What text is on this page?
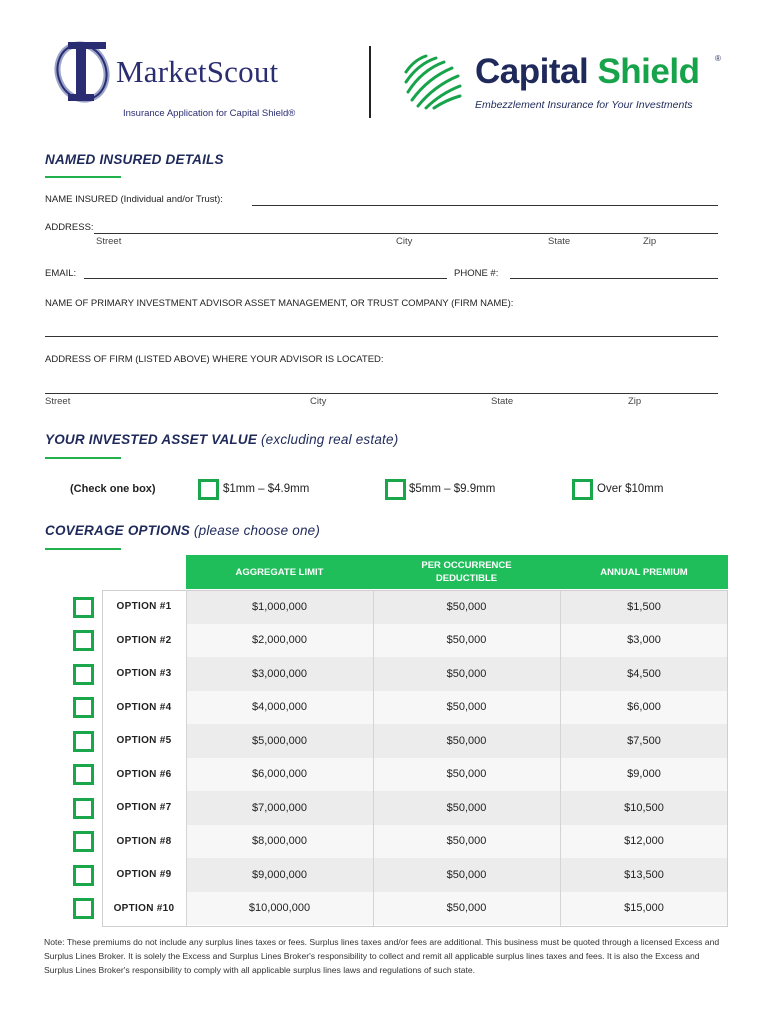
MarketScout
Insurance Application for Capital Shield®
Capital Shield ®
Embezzlement Insurance for Your Investments
NAMED INSURED DETAILS
NAME INSURED (Individual and/or Trust):
ADDRESS:
Street	City	State	Zip
EMAIL:	PHONE #:
NAME OF PRIMARY INVESTMENT ADVISOR ASSET MANAGEMENT, OR TRUST COMPANY (FIRM NAME):
ADDRESS OF FIRM (LISTED ABOVE) WHERE YOUR ADVISOR IS LOCATED:
Street	City	State	Zip
YOUR INVESTED ASSET VALUE (excluding real estate)
(Check one box)	$1mm – $4.9mm	$5mm – $9.9mm	Over $10mm
COVERAGE OPTIONS (please choose one)
AGGREGATE LIMIT
PER OCCURRENCE DEDUCTIBLE
ANNUAL PREMIUM
OPTION #1	$1,000,000	$50,000	$1,500
OPTION #2	$2,000,000	$50,000	$3,000
OPTION #3	$3,000,000	$50,000	$4,500
OPTION #4	$4,000,000	$50,000	$6,000
OPTION #5	$5,000,000	$50,000	$7,500
OPTION #6	$6,000,000	$50,000	$9,000
OPTION #7	$7,000,000	$50,000	$10,500
OPTION #8	$8,000,000	$50,000	$12,000
OPTION #9	$9,000,000	$50,000	$13,500
OPTION #10	$10,000,000	$50,000	$15,000
Note: These premiums do not include any surplus lines taxes or fees. Surplus lines taxes and/or fees are additional. This business must be quoted through a licensed Excess and Surplus Lines Broker. It is solely the Excess and Surplus Lines Broker's responsibility to collect and remit all applicable surplus lines taxes and fees. It is also the Excess and Surplus Lines Broker's responsibility to comply with all applicable surplus lines laws and regulations of such state.
